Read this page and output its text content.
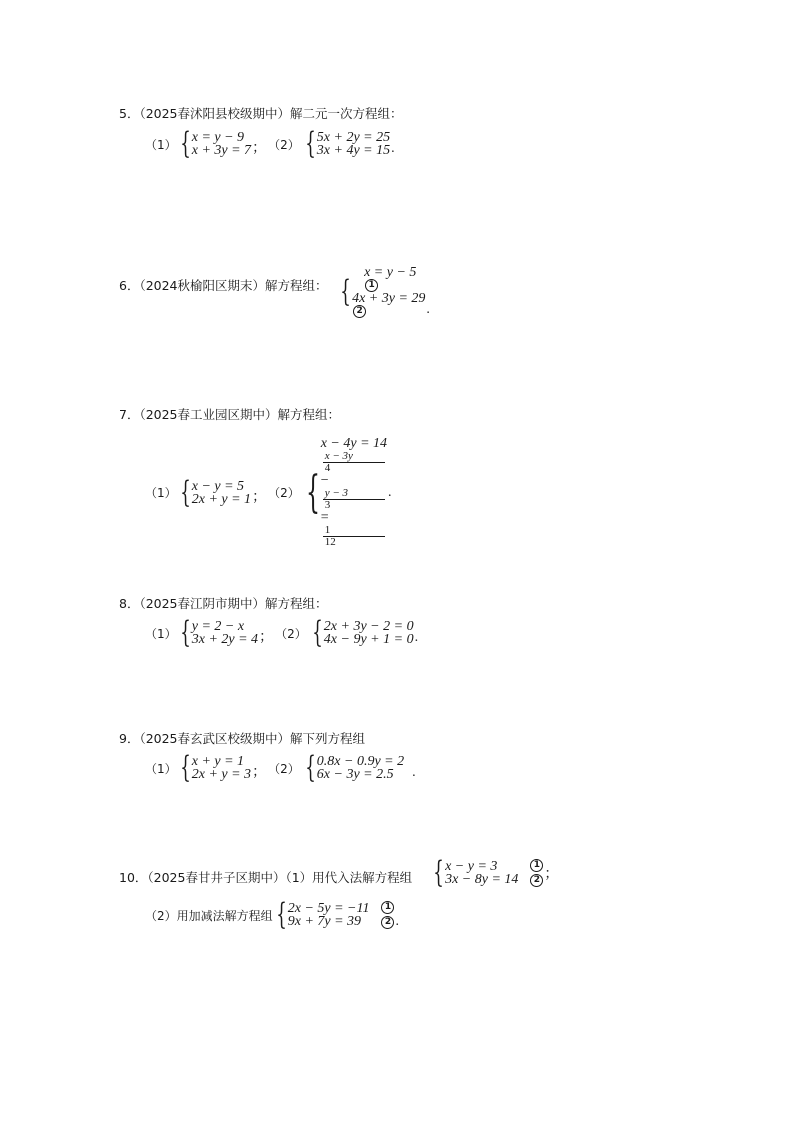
5．（2025春沭阳县校级期中）解二元一次方程组：
（1） { x = y − 9
x + 3y = 7 ； （2） { 5x + 2y = 25
3x + 4y = 15 .
6．（2024秋榆阳区期末）解方程组： {
x = y − 5
1
4x + 3y = 29
2	.
7．（2025春工业园区期中）解方程组：
（1） { x − y = 5
2x + y = 1 ； （2） {
x − 4y = 14
x − 3y
4
−
y − 3
3
=
1
12
.
8．（2025春江阴市期中）解方程组：
（1） { y = 2 − x
3x + 2y = 4 ； （2） { 2x + 3y − 2 = 0
4x − 9y + 1 = 0 .
9．（2025春玄武区校级期中）解下列方程组
（1） { x + y = 1
2x + y = 3 ； （2） { 0.8x − 0.9y = 2
6x − 3y = 2.5	.
10．（2025春甘井子区期中）（1）用代入法解方程组 { x − y = 3
3x − 8y = 14
1
2 ；
（2）用加减法解方程组 { 2x − 5y = −11
9x + 7y = 39
1
2 .
